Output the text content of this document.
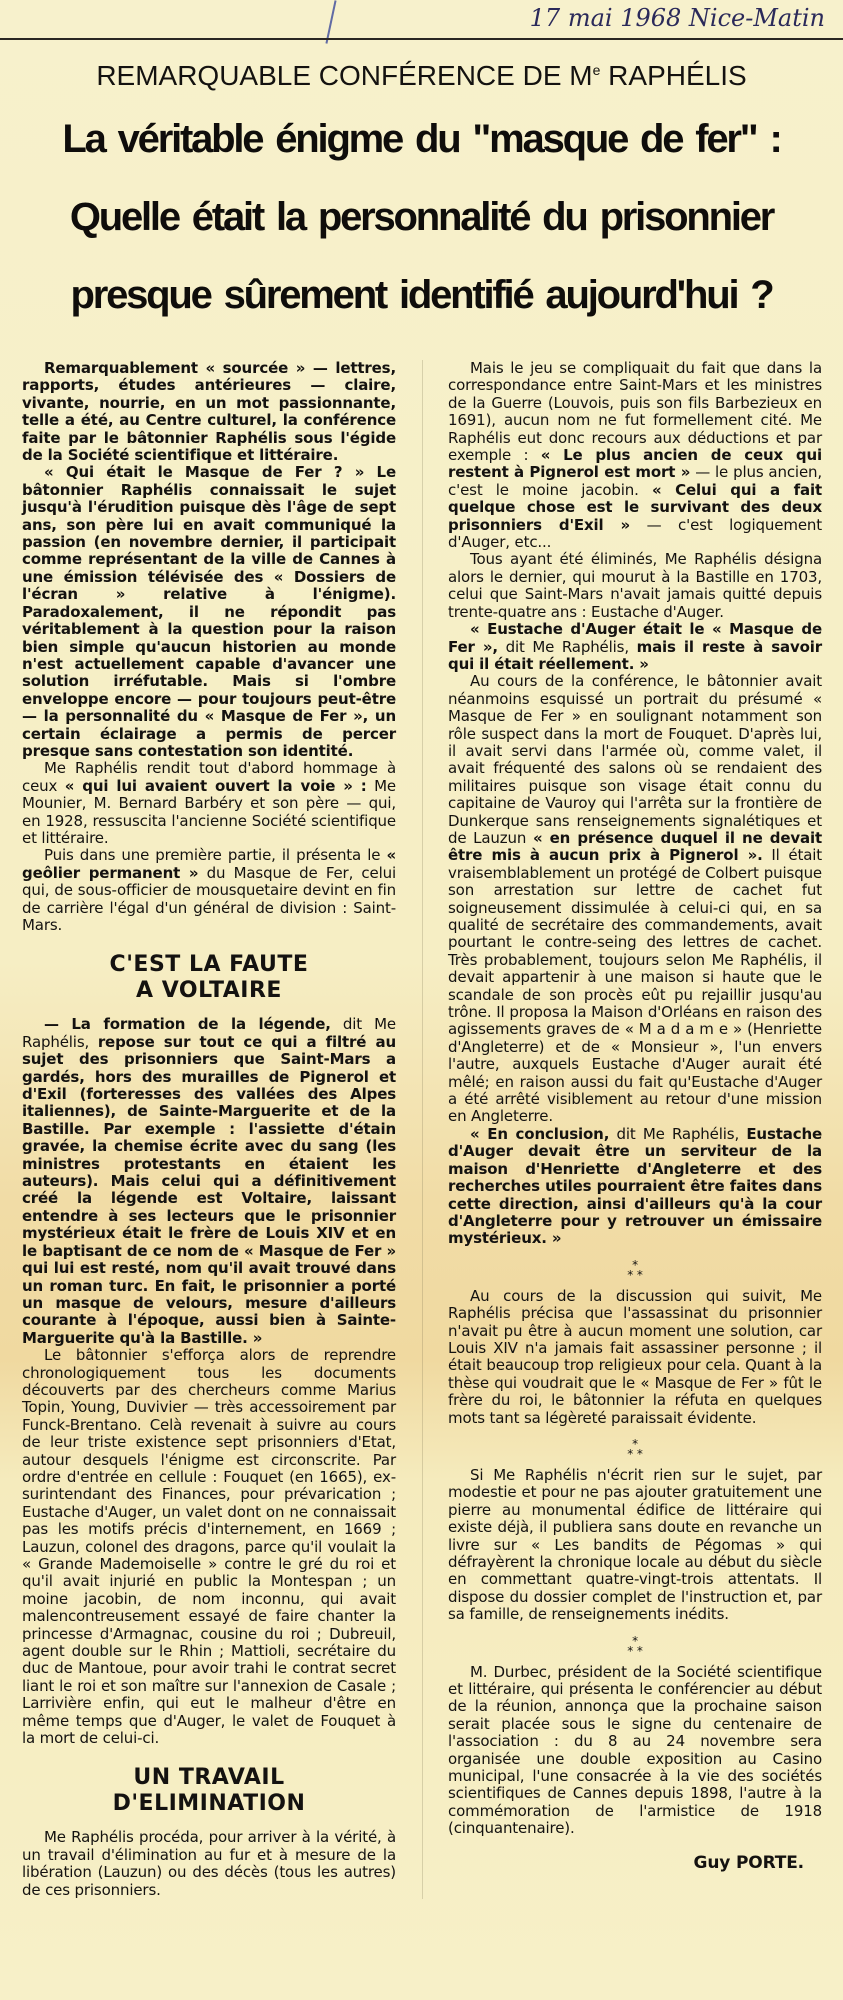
17 mai 1968 Nice-Matin
REMARQUABLE CONFÉRENCE DE Me RAPHÉLIS
La véritable énigme du "masque de fer" :
Quelle était la personnalité du prisonnier
presque sûrement identifié aujourd'hui ?

Remarquablement « sourcée » — lettres, rapports, études antérieures — claire, vivante, nourrie, en un mot passionnante, telle a été, au Centre culturel, la conférence faite par le bâtonnier Raphélis sous l'égide de la Société scientifique et littéraire.

« Qui était le Masque de Fer ? » Le bâtonnier Raphélis connaissait le sujet jusqu'à l'érudition puisque dès l'âge de sept ans, son père lui en avait communiqué la passion (en novembre dernier, il participait comme représentant de la ville de Cannes à une émission télévisée des « Dossiers de l'écran » relative à l'énigme). Paradoxalement, il ne répondit pas véritablement à la question pour la raison bien simple qu'aucun historien au monde n'est actuellement capable d'avancer une solution irréfutable. Mais si l'ombre enveloppe encore — pour toujours peut-être — la personnalité du « Masque de Fer », un certain éclairage a permis de percer presque sans contestation son identité.

Me Raphélis rendit tout d'abord hommage à ceux « qui lui avaient ouvert la voie » : Me Mounier, M. Bernard Barbéry et son père — qui, en 1928, ressuscita l'ancienne Société scientifique et littéraire.

Puis dans une première partie, il présenta le « geôlier permanent » du Masque de Fer, celui qui, de sous-officier de mousquetaire devint en fin de carrière l'égal d'un général de division : Saint-Mars.

C'EST LA FAUTE
A VOLTAIRE

— La formation de la légende, dit Me Raphélis, repose sur tout ce qui a filtré au sujet des prisonniers que Saint-Mars a gardés, hors des murailles de Pignerol et d'Exil (forteresses des vallées des Alpes italiennes), de Sainte-Marguerite et de la Bastille. Par exemple : l'assiette d'étain gravée, la chemise écrite avec du sang (les ministres protestants en étaient les auteurs). Mais celui qui a définitivement créé la légende est Voltaire, laissant entendre à ses lecteurs que le prisonnier mystérieux était le frère de Louis XIV et en le baptisant de ce nom de « Masque de Fer » qui lui est resté, nom qu'il avait trouvé dans un roman turc. En fait, le prisonnier a porté un masque de velours, mesure d'ailleurs courante à l'époque, aussi bien à Sainte-Marguerite qu'à la Bastille. »

Le bâtonnier s'efforça alors de reprendre chronologiquement tous les documents découverts par des chercheurs comme Marius Topin, Young, Duvivier — très accessoirement par Funck-Brentano. Celà revenait à suivre au cours de leur triste existence sept prisonniers d'Etat, autour desquels l'énigme est circonscrite. Par ordre d'entrée en cellule : Fouquet (en 1665), ex-surintendant des Finances, pour prévarication ; Eustache d'Auger, un valet dont on ne connaissait pas les motifs précis d'internement, en 1669 ; Lauzun, colonel des dragons, parce qu'il voulait la « Grande Mademoiselle » contre le gré du roi et qu'il avait injurié en public la Montespan ; un moine jacobin, de nom inconnu, qui avait malencontreusement essayé de faire chanter la princesse d'Armagnac, cousine du roi ; Dubreuil, agent double sur le Rhin ; Mattioli, secrétaire du duc de Mantoue, pour avoir trahi le contrat secret liant le roi et son maître sur l'annexion de Casale ; Larrivière enfin, qui eut le malheur d'être en même temps que d'Auger, le valet de Fouquet à la mort de celui-ci.

UN TRAVAIL
D'ELIMINATION

Me Raphélis procéda, pour arriver à la vérité, à un travail d'élimination au fur et à mesure de la libération (Lauzun) ou des décès (tous les autres) de ces prisonniers.

Mais le jeu se compliquait du fait que dans la correspondance entre Saint-Mars et les ministres de la Guerre (Louvois, puis son fils Barbezieux en 1691), aucun nom ne fut formellement cité. Me Raphélis eut donc recours aux déductions et par exemple : « Le plus ancien de ceux qui restent à Pignerol est mort » — le plus ancien, c'est le moine jacobin. « Celui qui a fait quelque chose est le survivant des deux prisonniers d'Exil » — c'est logiquement d'Auger, etc...

Tous ayant été éliminés, Me Raphélis désigna alors le dernier, qui mourut à la Bastille en 1703, celui que Saint-Mars n'avait jamais quitté depuis trente-quatre ans : Eustache d'Auger.

« Eustache d'Auger était le « Masque de Fer », dit Me Raphélis, mais il reste à savoir qui il était réellement. »

Au cours de la conférence, le bâtonnier avait néanmoins esquissé un portrait du présumé « Masque de Fer » en soulignant notamment son rôle suspect dans la mort de Fouquet. D'après lui, il avait servi dans l'armée où, comme valet, il avait fréquenté des salons où se rendaient des militaires puisque son visage était connu du capitaine de Vauroy qui l'arrêta sur la frontière de Dunkerque sans renseignements signalétiques et de Lauzun « en présence duquel il ne devait être mis à aucun prix à Pignerol ». Il était vraisemblablement un protégé de Colbert puisque son arrestation sur lettre de cachet fut soigneusement dissimulée à celui-ci qui, en sa qualité de secrétaire des commandements, avait pourtant le contre-seing des lettres de cachet. Très probablement, toujours selon Me Raphélis, il devait appartenir à une maison si haute que le scandale de son procès eût pu rejaillir jusqu'au trône. Il proposa la Maison d'Orléans en raison des agissements graves de « M a d a m e » (Henriette d'Angleterre) et de « Monsieur », l'un envers l'autre, auxquels Eustache d'Auger aurait été mêlé; en raison aussi du fait qu'Eustache d'Auger a été arrêté visiblement au retour d'une mission en Angleterre.

« En conclusion, dit Me Raphélis, Eustache d'Auger devait être un serviteur de la maison d'Henriette d'Angleterre et des recherches utiles pourraient être faites dans cette direction, ainsi d'ailleurs qu'à la cour d'Angleterre pour y retrouver un émissaire mystérieux. »

*
* *

Au cours de la discussion qui suivit, Me Raphélis précisa que l'assassinat du prisonnier n'avait pu être à aucun moment une solution, car Louis XIV n'a jamais fait assassiner personne ; il était beaucoup trop religieux pour cela. Quant à la thèse qui voudrait que le « Masque de Fer » fût le frère du roi, le bâtonnier la réfuta en quelques mots tant sa légèreté paraissait évidente.

*
* *

Si Me Raphélis n'écrit rien sur le sujet, par modestie et pour ne pas ajouter gratuitement une pierre au monumental édifice de littéraire qui existe déjà, il publiera sans doute en revanche un livre sur « Les bandits de Pégomas » qui défrayèrent la chronique locale au début du siècle en commettant quatre-vingt-trois attentats. Il dispose du dossier complet de l'instruction et, par sa famille, de renseignements inédits.

*
* *

M. Durbec, président de la Société scientifique et littéraire, qui présenta le conférencier au début de la réunion, annonça que la prochaine saison serait placée sous le signe du centenaire de l'association : du 8 au 24 novembre sera organisée une double exposition au Casino municipal, l'une consacrée à la vie des sociétés scientifiques de Cannes depuis 1898, l'autre à la commémoration de l'armistice de 1918 (cinquantenaire).

Guy PORTE.
